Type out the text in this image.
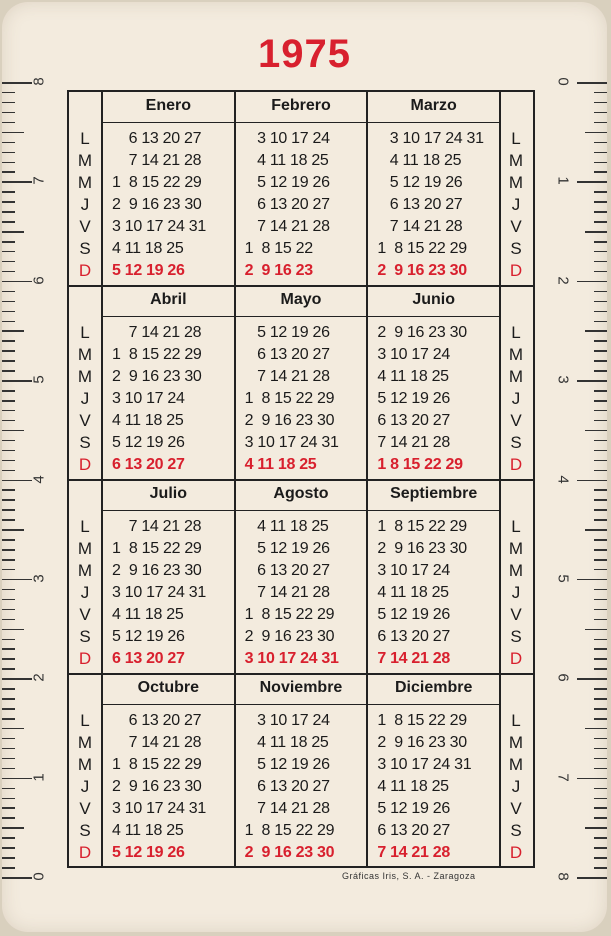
1975
8
7
6
5
4
3
2
1
0
0
1
2
3
4
5
6
7
8
L
M
M
J
V
S
D
L
M
M
J
V
S
D
L
M
M
J
V
S
D
L
M
M
J
V
S
D
L
M
M
J
V
S
D
L
M
M
J
V
S
D
L
M
M
J
V
S
D
L
M
M
J
V
S
D
Enero
6 13 20 27
7 14 21 28
1  8 15 22 29
2  9 16 23 30
3 10 17 24 31
4 11 18 25
5 12 19 26
Febrero
3 10 17 24
4 11 18 25
5 12 19 26
6 13 20 27
7 14 21 28
1  8 15 22
2  9 16 23
Marzo
3 10 17 24 31
4 11 18 25
5 12 19 26
6 13 20 27
7 14 21 28
1  8 15 22 29
2  9 16 23 30
Abril
7 14 21 28
1  8 15 22 29
2  9 16 23 30
3 10 17 24
4 11 18 25
5 12 19 26
6 13 20 27
Mayo
5 12 19 26
6 13 20 27
7 14 21 28
1  8 15 22 29
2  9 16 23 30
3 10 17 24 31
4 11 18 25
Junio
2  9 16 23 30
3 10 17 24
4 11 18 25
5 12 19 26
6 13 20 27
7 14 21 28
1 8 15 22 29
Julio
7 14 21 28
1  8 15 22 29
2  9 16 23 30
3 10 17 24 31
4 11 18 25
5 12 19 26
6 13 20 27
Agosto
4 11 18 25
5 12 19 26
6 13 20 27
7 14 21 28
1  8 15 22 29
2  9 16 23 30
3 10 17 24 31
Septiembre
1  8 15 22 29
2  9 16 23 30
3 10 17 24
4 11 18 25
5 12 19 26
6 13 20 27
7 14 21 28
Octubre
6 13 20 27
7 14 21 28
1  8 15 22 29
2  9 16 23 30
3 10 17 24 31
4 11 18 25
5 12 19 26
Noviembre
3 10 17 24
4 11 18 25
5 12 19 26
6 13 20 27
7 14 21 28
1  8 15 22 29
2  9 16 23 30
Diciembre
1  8 15 22 29
2  9 16 23 30
3 10 17 24 31
4 11 18 25
5 12 19 26
6 13 20 27
7 14 21 28
Gráficas Iris, S. A. - Zaragoza
